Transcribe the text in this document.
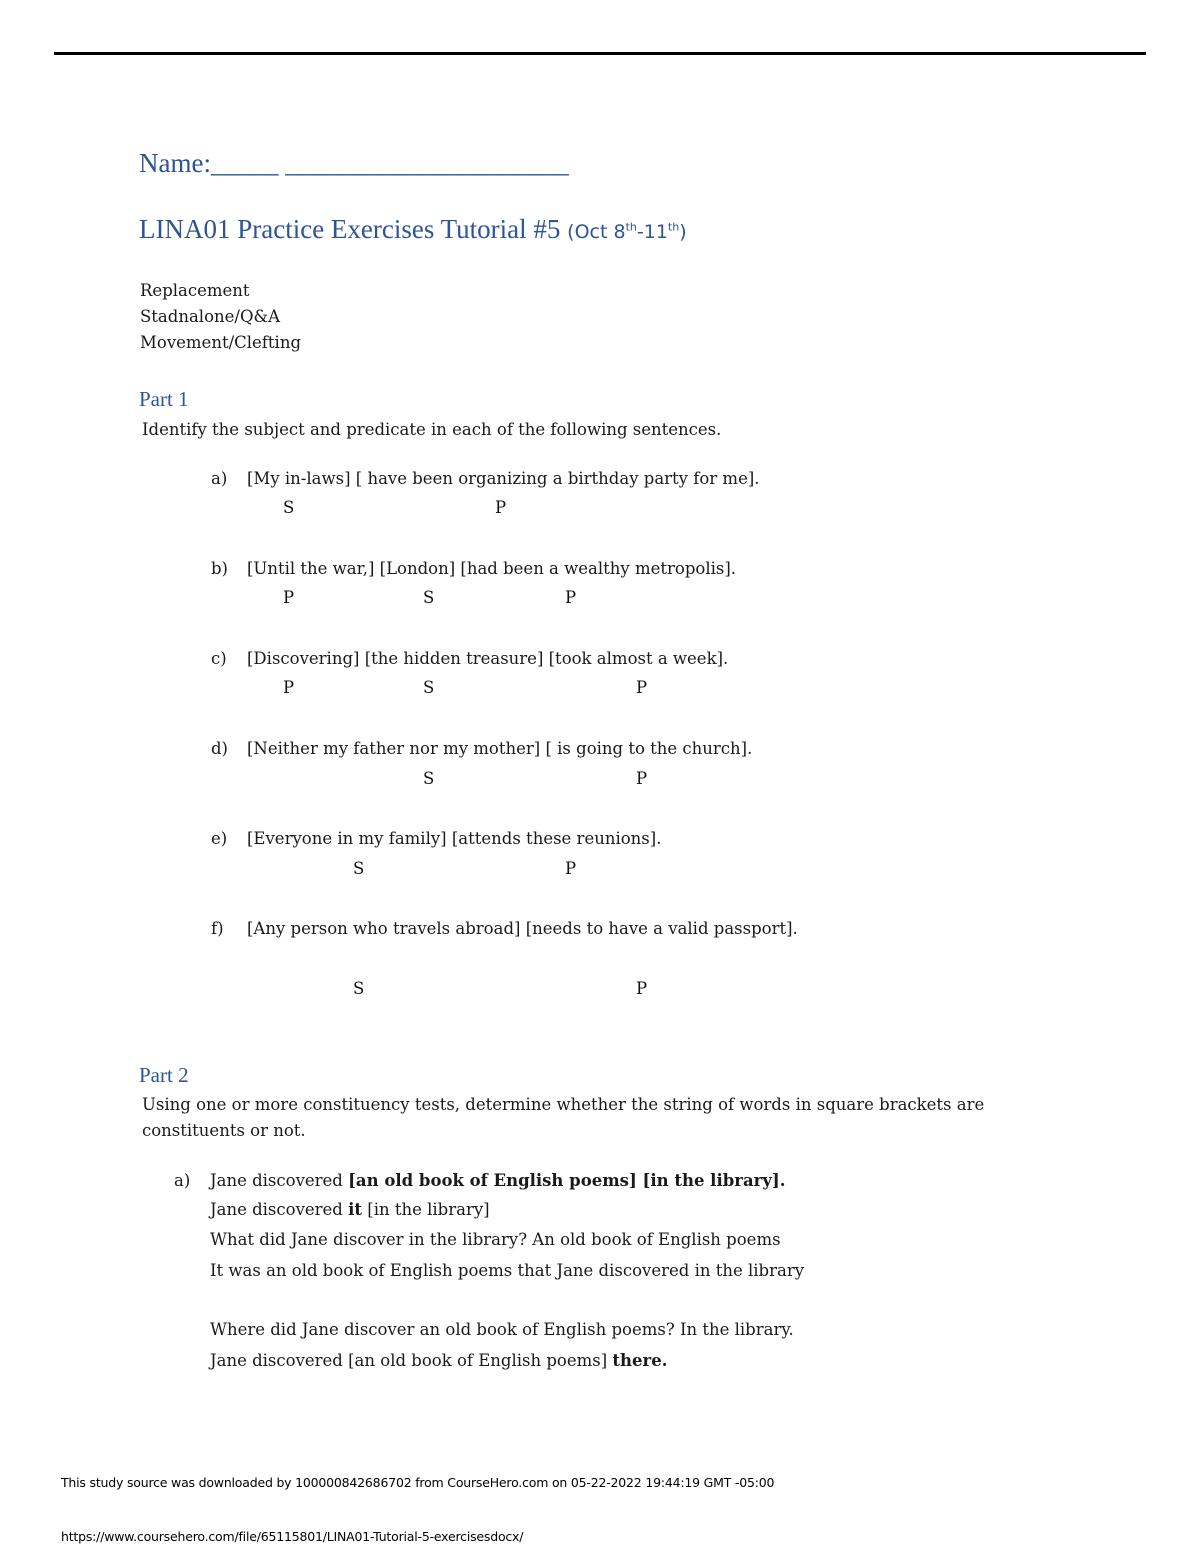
Name:_____ _____________________
LINA01 Practice Exercises Tutorial #5 (Oct 8th-11th)
Replacement
Stadnalone/Q&A
Movement/Clefting
Part 1
Identify the subject and predicate in each of the following sentences.
a) [My in-laws] [ have been organizing a birthday party for me].
S	P
b) [Until the war,] [London] [had been a wealthy metropolis].
P	S	P
c) [Discovering] [the hidden treasure] [took almost a week].
P	S	P
d) [Neither my father nor my mother] [ is going to the church].
S	P
e) [Everyone in my family] [attends these reunions].
S	P
f) [Any person who travels abroad] [needs to have a valid passport].
S	P
Part 2
Using one or more constituency tests, determine whether the string of words in square brackets are
constituents or not.
a) Jane discovered [an old book of English poems] [in the library].
Jane discovered it [in the library]
What did Jane discover in the library? An old book of English poems
It was an old book of English poems that Jane discovered in the library
Where did Jane discover an old book of English poems? In the library.
Jane discovered [an old book of English poems] there.
This study source was downloaded by 100000842686702 from CourseHero.com on 05-22-2022 19:44:19 GMT -05:00
https://www.coursehero.com/file/65115801/LINA01-Tutorial-5-exercisesdocx/
